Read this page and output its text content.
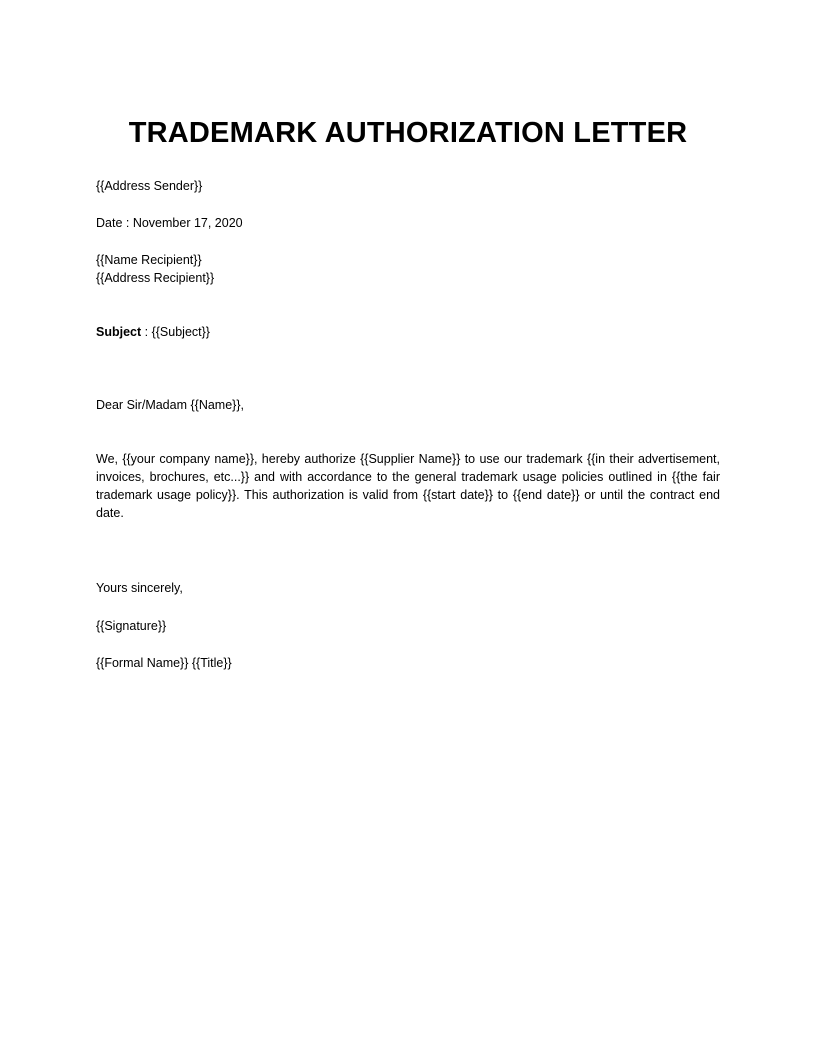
TRADEMARK AUTHORIZATION LETTER

{{Address Sender}}

Date : November 17, 2020

{{Name Recipient}}

{{Address Recipient}}

Subject : {{Subject}}

Dear Sir/Madam {{Name}},

We, {{your company name}}, hereby authorize {{Supplier Name}} to use our trademark {{in their advertisement, invoices, brochures, etc...}} and with accordance to the general trademark usage policies outlined in {{the fair trademark usage policy}}. This authorization is valid from {{start date}} to {{end date}} or until the contract end date.

Yours sincerely,

{{Signature}}

{{Formal Name}} {{Title}}
